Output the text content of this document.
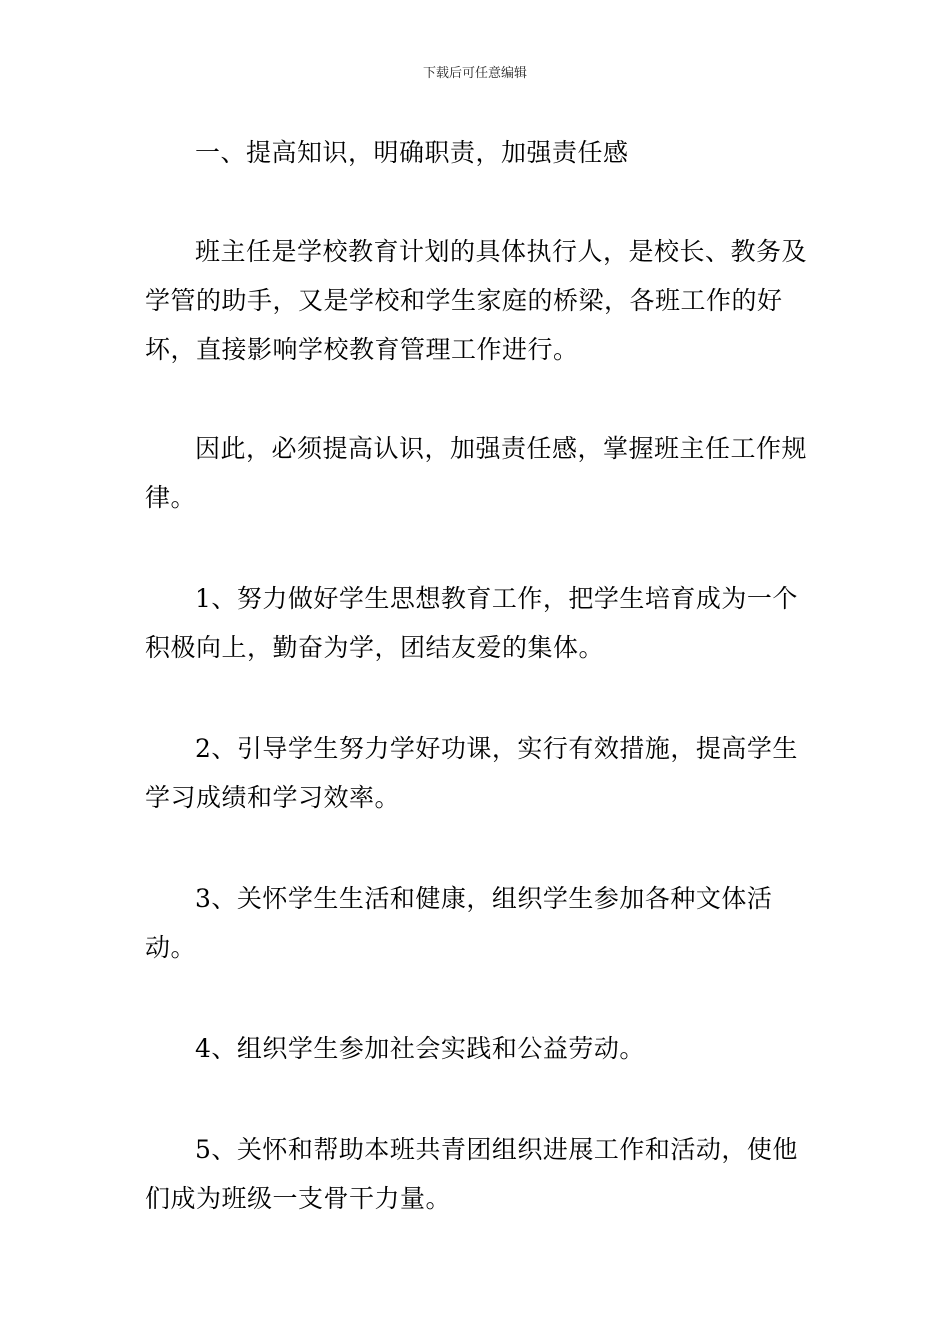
下载后可任意编辑

一、提高知识，明确职责，加强责任感

班主任是学校教育计划的具体执行人，是校长、教务及学管的助手，又是学校和学生家庭的桥梁，各班工作的好坏，直接影响学校教育管理工作进行。

因此，必须提高认识，加强责任感，掌握班主任工作规律。

1、努力做好学生思想教育工作，把学生培育成为一个积极向上，勤奋为学，团结友爱的集体。

2、引导学生努力学好功课，实行有效措施，提高学生学习成绩和学习效率。

3、关怀学生生活和健康，组织学生参加各种文体活动。

4、组织学生参加社会实践和公益劳动。

5、关怀和帮助本班共青团组织进展工作和活动，使他们成为班级一支骨干力量。
